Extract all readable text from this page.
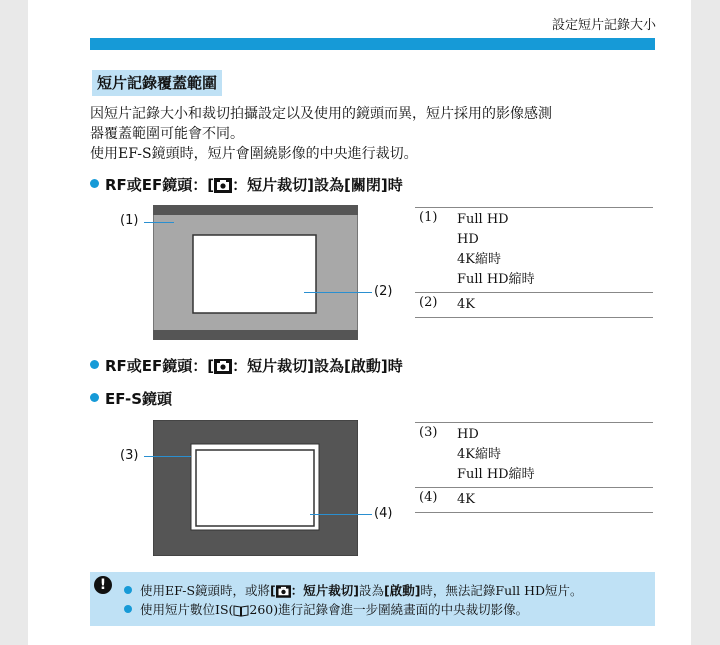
設定短片記錄大小
短片記錄覆蓋範圍
因短片記錄大小和裁切拍攝設定以及使用的鏡頭而異，短片採用的影像感測
器覆蓋範圍可能會不同。
使用EF-S鏡頭時，短片會圍繞影像的中央進行裁切。
RF或EF鏡頭：[ ：短片裁切]設為[關閉]時
(1)
(2)
(1)	Full HD
HD
4K縮時
Full HD縮時
(2)	4K
RF或EF鏡頭：[ ：短片裁切]設為[啟動]時
EF-S鏡頭
(3)
(4)
(3)	HD
4K縮時
Full HD縮時
(4)	4K
!	使用EF-S鏡頭時，或將[ ：短片裁切]設為[啟動]時，無法記錄Full HD短片。
使用短片數位IS( 260)進行記錄會進一步圍繞畫面的中央裁切影像。
